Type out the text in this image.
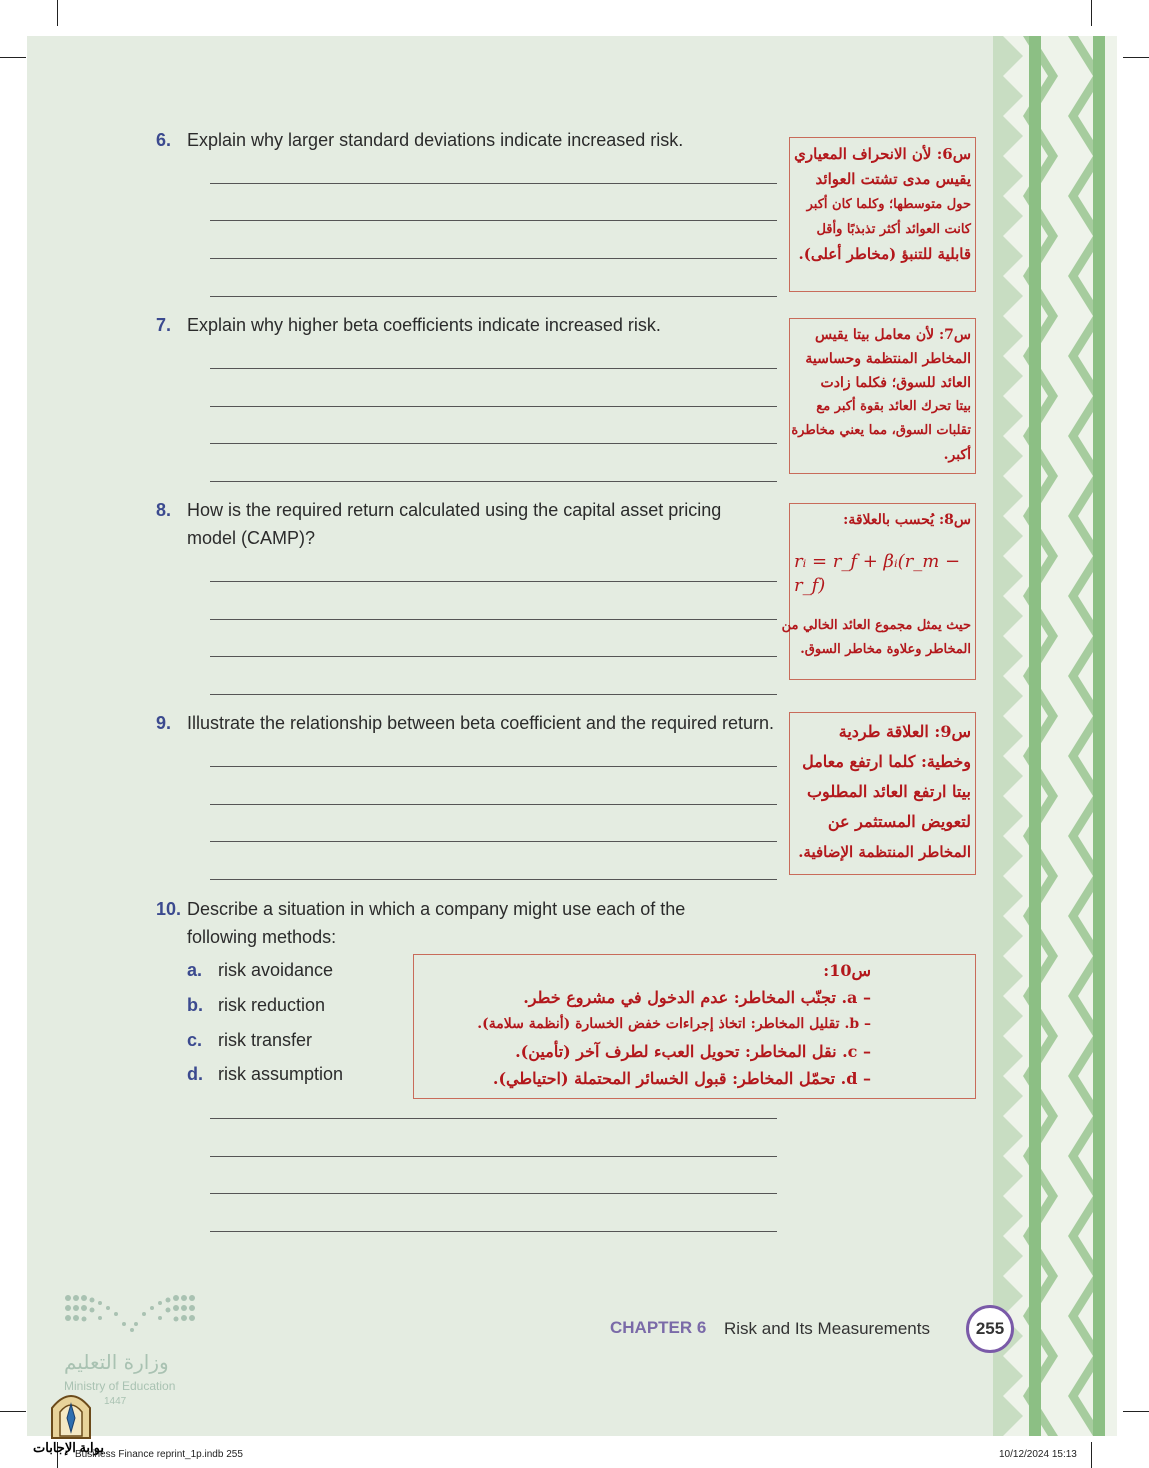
6. Explain why larger standard deviations indicate increased risk.
س6: لأن الانحراف المعياري
يقيس مدى تشتت العوائد
حول متوسطها؛ وكلما كان أكبر
كانت العوائد أكثر تذبذبًا وأقل
قابلية للتنبؤ (مخاطر أعلى).
7. Explain why higher beta coefficients indicate increased risk.	س7: لأن معامل بيتا يقيس
المخاطر المنتظمة وحساسية
العائد للسوق؛ فكلما زادت
بيتا تحرك العائد بقوة أكبر مع
تقلبات السوق، مما يعني مخاطرة
أكبر.
8. How is the required return calculated using the capital asset pricing
model (CAMP)?
س8: يُحسب بالعلاقة:
rᵢ = r_f + βᵢ(r_m − r_f)
حيث يمثل مجموع العائد الخالي من
المخاطر وعلاوة مخاطر السوق.
9. Illustrate the relationship between beta coefficient and the required return.	س9: العلاقة طردية
وخطية: كلما ارتفع معامل
بيتا ارتفع العائد المطلوب
لتعويض المستثمر عن
المخاطر المنتظمة الإضافية.
10. Describe a situation in which a company might use each of the
following methods:
a. risk avoidance
b. risk reduction
c. risk transfer
d. risk assumption
س10:
– a. تجنّب المخاطر: عدم الدخول في مشروع خطر.
– b. تقليل المخاطر: اتخاذ إجراءات خفض الخسارة (أنظمة سلامة).
– c. نقل المخاطر: تحويل العبء لطرف آخر (تأمين).
– d. تحمّل المخاطر: قبول الخسائر المحتملة (احتياطي).
وزارة التعليم
Ministry of Education
1447
CHAPTER 6 Risk and Its Measurements	255
بوابة الإجابات
Business Finance reprint_1p.indb 255	10/12/2024 15:13
